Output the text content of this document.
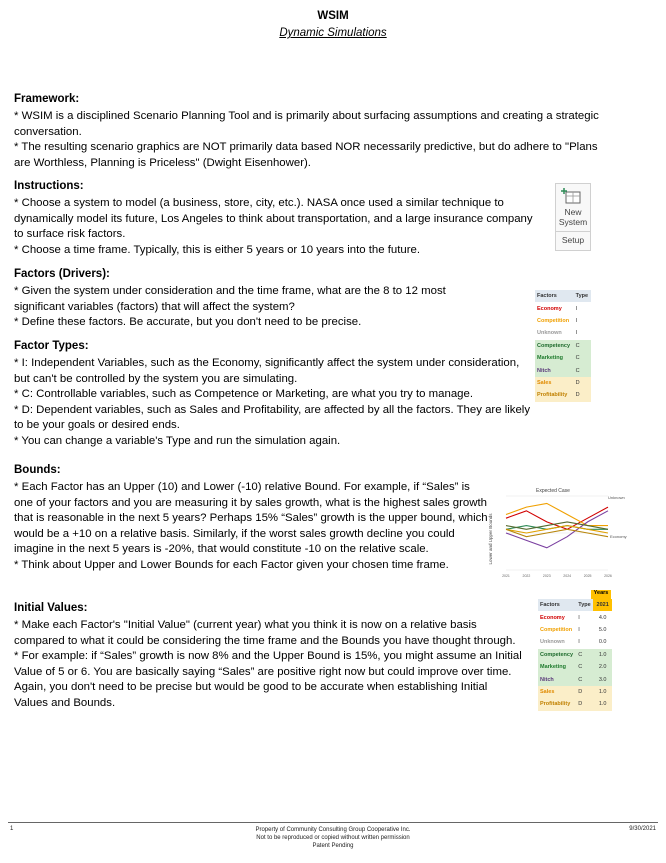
WSIM
Dynamic Simulations
Framework:

* WSIM is a disciplined Scenario Planning Tool and is primarily about surfacing assumptions and creating a strategic conversation.

* The resulting scenario graphics are NOT primarily data based NOR necessarily predictive, but do adhere to "Plans are Worthless, Planning is Priceless" (Dwight Eisenhower).

Instructions:

* Choose a system to model (a business, store, city, etc.). NASA once used a similar technique to dynamically model its future, Los Angeles to think about transportation, and a large insurance company to surface risk factors.

* Choose a time frame. Typically, this is either 5 years or 10 years into the future.

New
System
Setup
Factors (Drivers):

* Given the system under consideration and the time frame, what are the 8 to 12 most significant variables (factors) that will affect the system?

* Define these factors. Be accurate, but you don't need to be precise.

Factor Types:

* I: Independent Variables, such as the Economy, significantly affect the system under consideration, but can't be controlled by the system you are simulating.

* C: Controllable variables, such as Competence or Marketing, are what you try to manage.

* D: Dependent variables, such as Sales and Profitability, are affected by all the factors. They are likely to be your goals or desired ends.

* You can change a variable's Type and run the simulation again.

Factors	Type
Economy	I
Competition	I
Unknown	I
Competency	C
Marketing	C
Nitch	C
Sales	D
Profitability	D
Bounds:

* Each Factor has an Upper (10) and Lower (-10) relative Bound. For example, if “Sales” is one of your factors and you are measuring it by sales growth, what is the highest sales growth that is reasonable in the next 5 years? Perhaps 15% “Sales” growth is the upper bound, which would be a +10 on a relative basis. Similarly, if the worst sales growth decline you could imagine in the next 5 years is -20%, that would constitute -10 on the relative scale.

* Think about Upper and Lower Bounds for each Factor given your chosen time frame.

Expected Case
Lower and Upper Bounds
2021	2022	2023	2024	2025	2026
Unknown
Economy
Initial Values:

* Make each Factor's "Initial Value" (current year) what you think it is now on a relative basis compared to what it could be considering the time frame and the Bounds you have thought through.

* For example: if “Sales” growth is now 8% and the Upper Bound is 15%, you might assume an Initial Value of 5 or 6. You are basically saying “Sales” are positive right now but could improve over time. Again, you don't need to be precise but would be good to be accurate when establishing Initial Values and Bounds.

Years
Factors	Type	2021
Economy	I	4.0
Competition	I	5.0
Unknown	I	0.0
Competency	C	1.0
Marketing	C	2.0
Nitch	C	3.0
Sales	D	1.0
Profitability	D	1.0
1	Property of Community Consulting Group Cooperative Inc.
Not to be reproduced or copied without written permission
Patent Pending
9/30/2021
